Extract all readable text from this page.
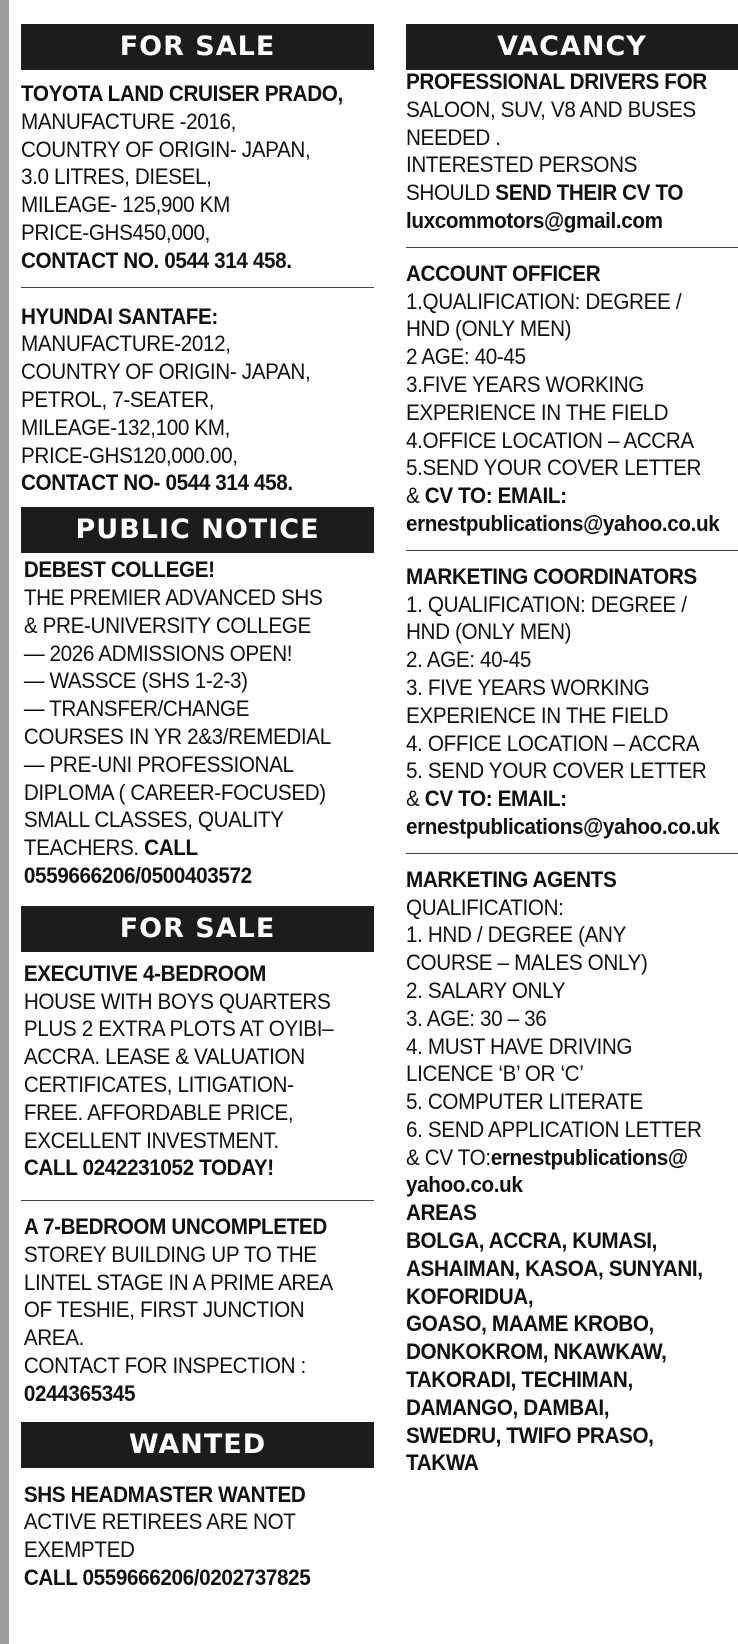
FOR SALE

TOYOTA LAND CRUISER PRADO,

MANUFACTURE -2016,

COUNTRY OF ORIGIN- JAPAN,

3.0 LITRES, DIESEL,

MILEAGE- 125,900 KM

PRICE-GHS450,000,

CONTACT NO. 0544 314 458.

HYUNDAI SANTAFE:

MANUFACTURE-2012,

COUNTRY OF ORIGIN- JAPAN,

PETROL, 7-SEATER,

MILEAGE-132,100 KM,

PRICE-GHS120,000.00,

CONTACT NO- 0544 314 458.

PUBLIC NOTICE

DEBEST COLLEGE!

THE PREMIER ADVANCED SHS

& PRE-UNIVERSITY COLLEGE

— 2026 ADMISSIONS OPEN!

— WASSCE (SHS 1-2-3)

— TRANSFER/CHANGE

COURSES IN YR 2&3/REMEDIAL

— PRE-UNI PROFESSIONAL

DIPLOMA ( CAREER-FOCUSED)

SMALL CLASSES, QUALITY

TEACHERS. CALL

0559666206/0500403572

FOR SALE

EXECUTIVE 4-BEDROOM

HOUSE WITH BOYS QUARTERS

PLUS 2 EXTRA PLOTS AT OYIBI–

ACCRA. LEASE & VALUATION

CERTIFICATES, LITIGATION-

FREE. AFFORDABLE PRICE,

EXCELLENT INVESTMENT.

CALL 0242231052 TODAY!

A 7-BEDROOM UNCOMPLETED

STOREY BUILDING UP TO THE

LINTEL STAGE IN A PRIME AREA

OF TESHIE, FIRST JUNCTION

AREA.

CONTACT FOR INSPECTION :

0244365345

WANTED

SHS HEADMASTER WANTED

ACTIVE RETIREES ARE NOT

EXEMPTED

CALL 0559666206/0202737825

VACANCY

PROFESSIONAL DRIVERS FOR

SALOON, SUV, V8 AND BUSES

NEEDED .

INTERESTED PERSONS

SHOULD SEND THEIR CV TO

luxcommotors@gmail.com

ACCOUNT OFFICER

1.QUALIFICATION: DEGREE /

HND (ONLY MEN)

2 AGE: 40-45

3.FIVE YEARS WORKING

EXPERIENCE IN THE FIELD

4.OFFICE LOCATION – ACCRA

5.SEND YOUR COVER LETTER

& CV TO: EMAIL:

ernestpublications@yahoo.co.uk

MARKETING COORDINATORS

1. QUALIFICATION: DEGREE /

HND (ONLY MEN)

2. AGE: 40-45

3. FIVE YEARS WORKING

EXPERIENCE IN THE FIELD

4. OFFICE LOCATION – ACCRA

5. SEND YOUR COVER LETTER

& CV TO: EMAIL:

ernestpublications@yahoo.co.uk

MARKETING AGENTS

QUALIFICATION:

1. HND / DEGREE (ANY

COURSE – MALES ONLY)

2. SALARY ONLY

3. AGE: 30 – 36

4. MUST HAVE DRIVING

LICENCE ‘B’ OR ‘C’

5. COMPUTER LITERATE

6. SEND APPLICATION LETTER

& CV TO:ernestpublications@

yahoo.co.uk

AREAS

BOLGA, ACCRA, KUMASI,

ASHAIMAN, KASOA, SUNYANI,

KOFORIDUA,

GOASO, MAAME KROBO,

DONKOKROM, NKAWKAW,

TAKORADI, TECHIMAN,

DAMANGO, DAMBAI,

SWEDRU, TWIFO PRASO,

TAKWA
